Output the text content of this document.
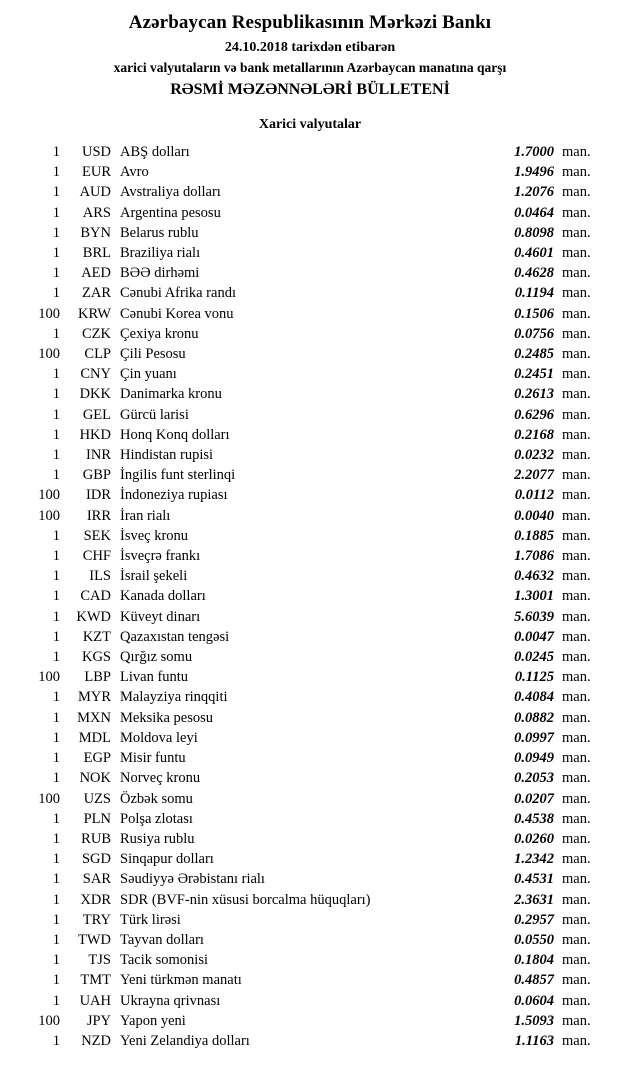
Azərbaycan Respublikasının Mərkəzi Bankı
24.10.2018 tarixdən etibarən
xarici valyutaların və bank metallarının Azərbaycan manatına qarşı
RƏSMİ MƏZƏNNƏLƏRİ BÜLLETENİ
Xarici valyutalar
1	USD	ABŞ dolları	1.7000	man.
1	EUR	Avro	1.9496	man.
1	AUD	Avstraliya dolları	1.2076	man.
1	ARS	Argentina pesosu	0.0464	man.
1	BYN	Belarus rublu	0.8098	man.
1	BRL	Braziliya rialı	0.4601	man.
1	AED	BƏƏ dirhəmi	0.4628	man.
1	ZAR	Cənubi Afrika randı	0.1194	man.
100	KRW	Cənubi Korea vonu	0.1506	man.
1	CZK	Çexiya kronu	0.0756	man.
100	CLP	Çili Pesosu	0.2485	man.
1	CNY	Çin yuanı	0.2451	man.
1	DKK	Danimarka kronu	0.2613	man.
1	GEL	Gürcü larisi	0.6296	man.
1	HKD	Honq Konq dolları	0.2168	man.
1	INR	Hindistan rupisi	0.0232	man.
1	GBP	İngilis funt sterlinqi	2.2077	man.
100	IDR	İndoneziya rupiası	0.0112	man.
100	IRR	İran rialı	0.0040	man.
1	SEK	İsveç kronu	0.1885	man.
1	CHF	İsveçrə frankı	1.7086	man.
1	ILS	İsrail şekeli	0.4632	man.
1	CAD	Kanada dolları	1.3001	man.
1	KWD	Küveyt dinarı	5.6039	man.
1	KZT	Qazaxıstan tengəsi	0.0047	man.
1	KGS	Qırğız somu	0.0245	man.
100	LBP	Livan funtu	0.1125	man.
1	MYR	Malayziya rinqqiti	0.4084	man.
1	MXN	Meksika pesosu	0.0882	man.
1	MDL	Moldova leyi	0.0997	man.
1	EGP	Misir funtu	0.0949	man.
1	NOK	Norveç kronu	0.2053	man.
100	UZS	Özbək somu	0.0207	man.
1	PLN	Polşa zlotası	0.4538	man.
1	RUB	Rusiya rublu	0.0260	man.
1	SGD	Sinqapur dolları	1.2342	man.
1	SAR	Səudiyyə Ərəbistanı rialı	0.4531	man.
1	XDR	SDR (BVF-nin xüsusi borcalma hüquqları)	2.3631	man.
1	TRY	Türk lirəsi	0.2957	man.
1	TWD	Tayvan dolları	0.0550	man.
1	TJS	Tacik somonisi	0.1804	man.
1	TMT	Yeni türkmən manatı	0.4857	man.
1	UAH	Ukrayna qrivnası	0.0604	man.
100	JPY	Yapon yeni	1.5093	man.
1	NZD	Yeni Zelandiya dolları	1.1163	man.
